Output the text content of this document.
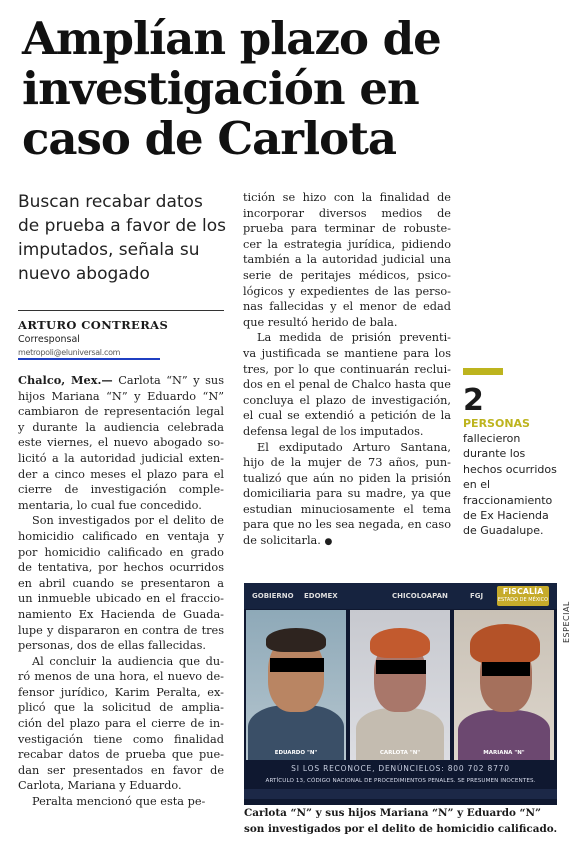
Amplían plazo de
investigación en
caso de Carlota
Buscan recabar datos
de prueba a favor de los
imputados, señala su
nuevo abogado
ARTURO CONTRERAS
Corresponsal
metropoli@eluniversal.com

Chalco, Mex.— Carlota “N” y sus
hijos Mariana “N” y Eduardo “N”
cambiaron de representación legal
y durante la audiencia celebrada
este viernes, el nuevo abogado so-
licitó a la autoridad judicial exten-
der a cinco meses el plazo para el
cierre de investigación comple-
mentaria, lo cual fue concedido.

Son investigados por el delito de
homicidio calificado en ventaja y
por homicidio calificado en grado
de tentativa, por hechos ocurridos
en abril cuando se presentaron a
un inmueble ubicado en el fraccio-
namiento Ex Hacienda de Guada-
lupe y dispararon en contra de tres
personas, dos de ellas fallecidas.

Al concluir la audiencia que du-
ró menos de una hora, el nuevo de-
fensor jurídico, Karim Peralta, ex-
plicó que la solicitud de amplia-
ción del plazo para el cierre de in-
vestigación tiene como finalidad
recabar datos de prueba que pue-
dan ser presentados en favor de
Carlota, Mariana y Eduardo.

Peralta mencionó que esta pe-

tición se hizo con la finalidad de
incorporar diversos medios de
prueba para terminar de robuste-
cer la estrategia jurídica, pidiendo
también a la autoridad judicial una
serie de peritajes médicos, psico-
lógicos y expedientes de las perso-
nas fallecidas y el menor de edad
que resultó herido de bala.

La medida de prisión preventi-
va justificada se mantiene para los
tres, por lo que continuarán reclui-
dos en el penal de Chalco hasta que
concluya el plazo de investigación,
el cual se extendió a petición de la
defensa legal de los imputados.

El exdiputado Arturo Santana,
hijo de la mujer de 73 años, pun-
tualizó que aún no piden la prisión
domiciliaria para su madre, ya que
estudian minuciosamente el tema
para que no les sea negada, en caso
de solicitarla. ●

2
PERSONAS
fallecieron
durante los
hechos ocurridos
en el
fraccionamiento
de Ex Hacienda
de Guadalupe.
ESPECIAL
GOBIERNO EDOMEX	CHICOLOAPAN	FGJ	FISCALÍA
ESTADO DE MÉXICO
EDUARDO "N"	CARLOTA "N"	MARIANA "N"
SI LOS RECONOCE, DENÚNCIELOS: 800 702 8770
ARTÍCULO 13, CÓDIGO NACIONAL DE PROCEDIMIENTOS PENALES. SE PRESUMEN INOCENTES.
Carlota “N” y sus hijos Mariana “N” y Eduardo “N”
son investigados por el delito de homicidio calificado.
